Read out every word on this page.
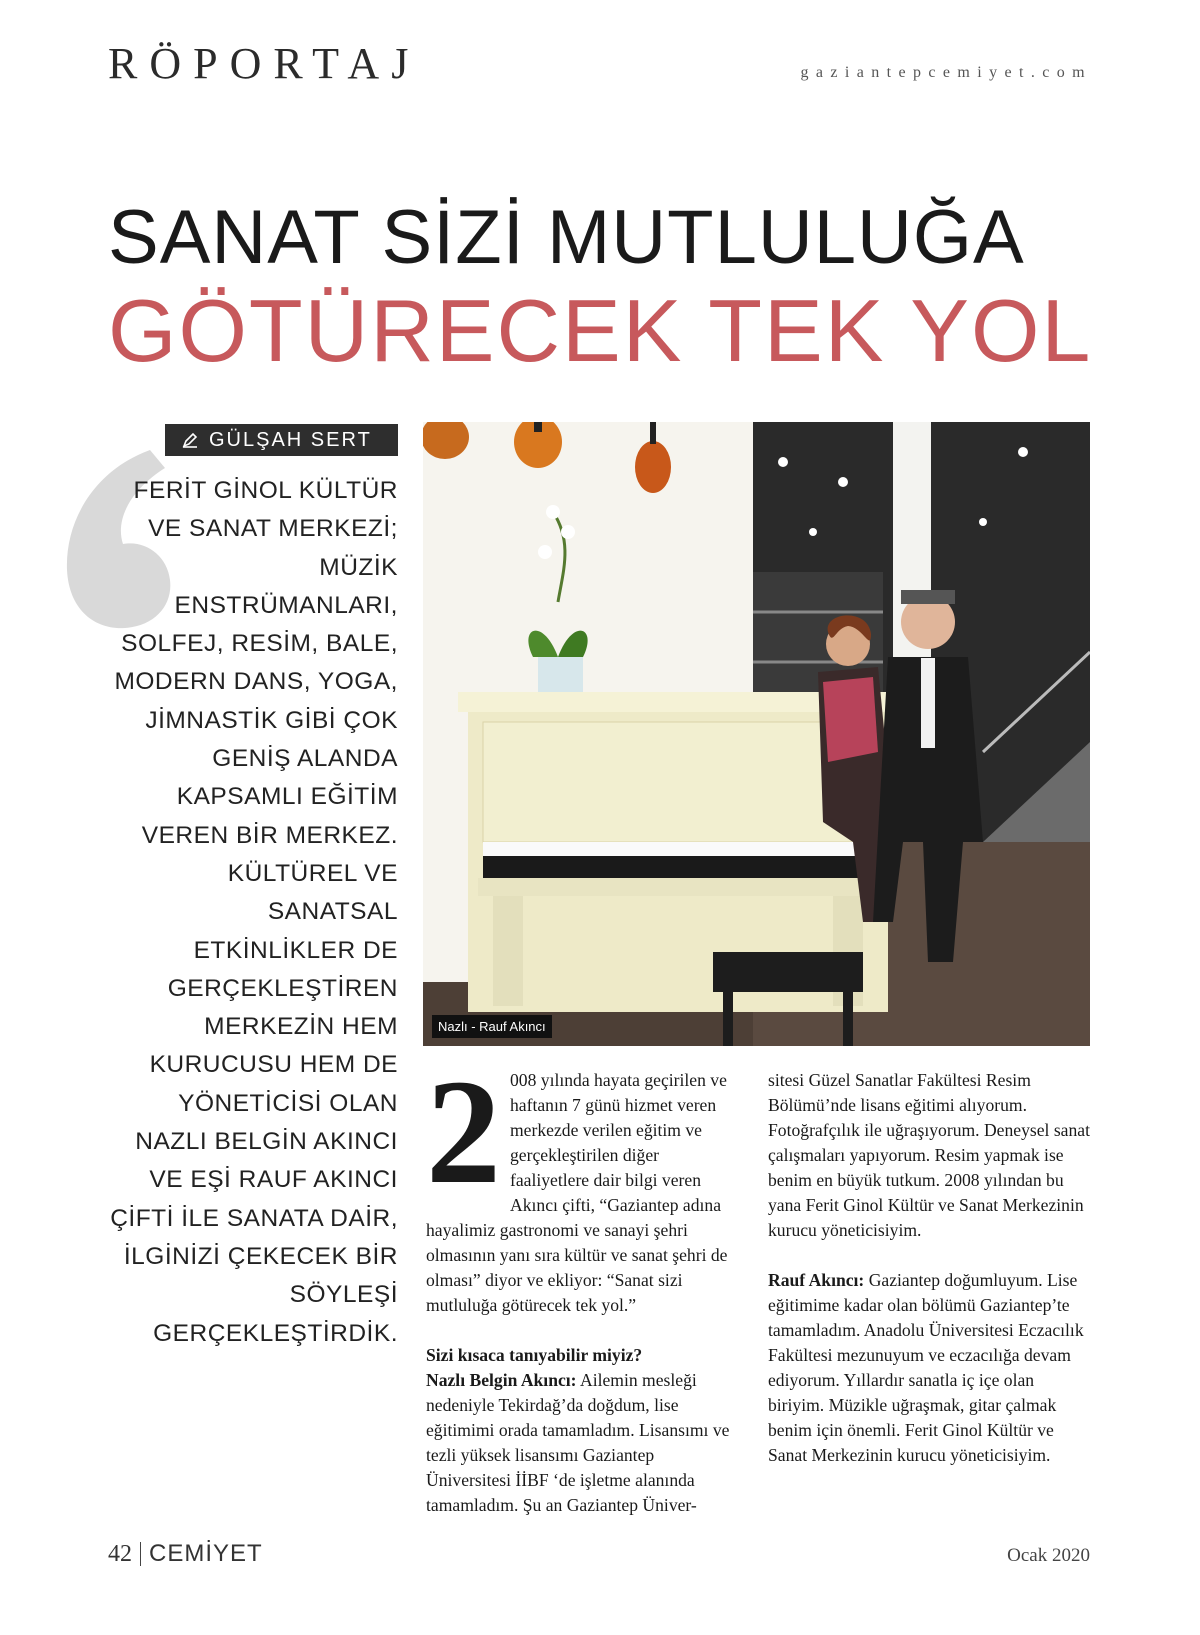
RÖPORTAJ	gaziantepcemiyet.com
SANAT SİZİ MUTLULUĞA
GÖTÜRECEK TEK YOL
GÜLŞAH SERT
FERİT GİNOL KÜLTÜR VE SANAT MERKEZİ; MÜZİK ENSTRÜMANLARI, SOLFEJ, RESİM, BALE, MODERN DANS, YOGA, JİMNASTİK GİBİ ÇOK GENİŞ ALANDA KAPSAMLI EĞİTİM VEREN BİR MERKEZ. KÜLTÜREL VE SANATSAL ETKİNLİKLER DE GERÇEKLEŞTİREN MERKEZİN HEM KURUCUSU HEM DE YÖNETİCİSİ OLAN NAZLI BELGİN AKINCI VE EŞİ RAUF AKINCI ÇİFTİ İLE SANATA DAİR, İLGİNİZİ ÇEKECEK BİR SÖYLEŞİ GERÇEKLEŞTİRDİK.
Nazlı - Rauf Akıncı
2 008 yılında hayata geçirilen ve haftanın 7 günü hizmet veren merkezde verilen eğitim ve gerçekleştirilen diğer faaliyetlere dair bilgi veren Akıncı çifti, “Gaziantep adına hayalimiz gastronomi ve sanayi şehri olmasının yanı sıra kültür ve sanat şehri de olması” diyor ve ekliyor: “Sanat sizi mutluluğa götürecek tek yol.”

Sizi kısaca tanıyabilir miyiz?

Nazlı Belgin Akıncı: Ailemin mesleği nedeniyle Tekirdağ’da doğdum, lise eğitimimi orada tamamladım. Lisansımı ve tezli yüksek lisansımı Gaziantep Üniversitesi İİBF ‘de işletme alanında tamamladım. Şu an Gaziantep Üniver-

sitesi Güzel Sanatlar Fakültesi Resim Bölümü’nde lisans eğitimi alıyorum. Fotoğrafçılık ile uğraşıyorum. Deneysel sanat çalışmaları yapıyorum. Resim yapmak ise benim en büyük tutkum. 2008 yılından bu yana Ferit Ginol Kültür ve Sanat Merkezinin kurucu yöneticisiyim.

Rauf Akıncı: Gaziantep doğumluyum. Lise eğitimime kadar olan bölümü Gaziantep’te tamamladım. Anadolu Üniversitesi Eczacılık Fakültesi mezunuyum ve eczacılığa devam ediyorum. Yıllardır sanatla iç içe olan biriyim. Müzikle uğraşmak, gitar çalmak benim için önemli. Ferit Ginol Kültür ve Sanat Merkezinin kurucu yöneticisiyim.

42 CEMİYET	Ocak 2020
